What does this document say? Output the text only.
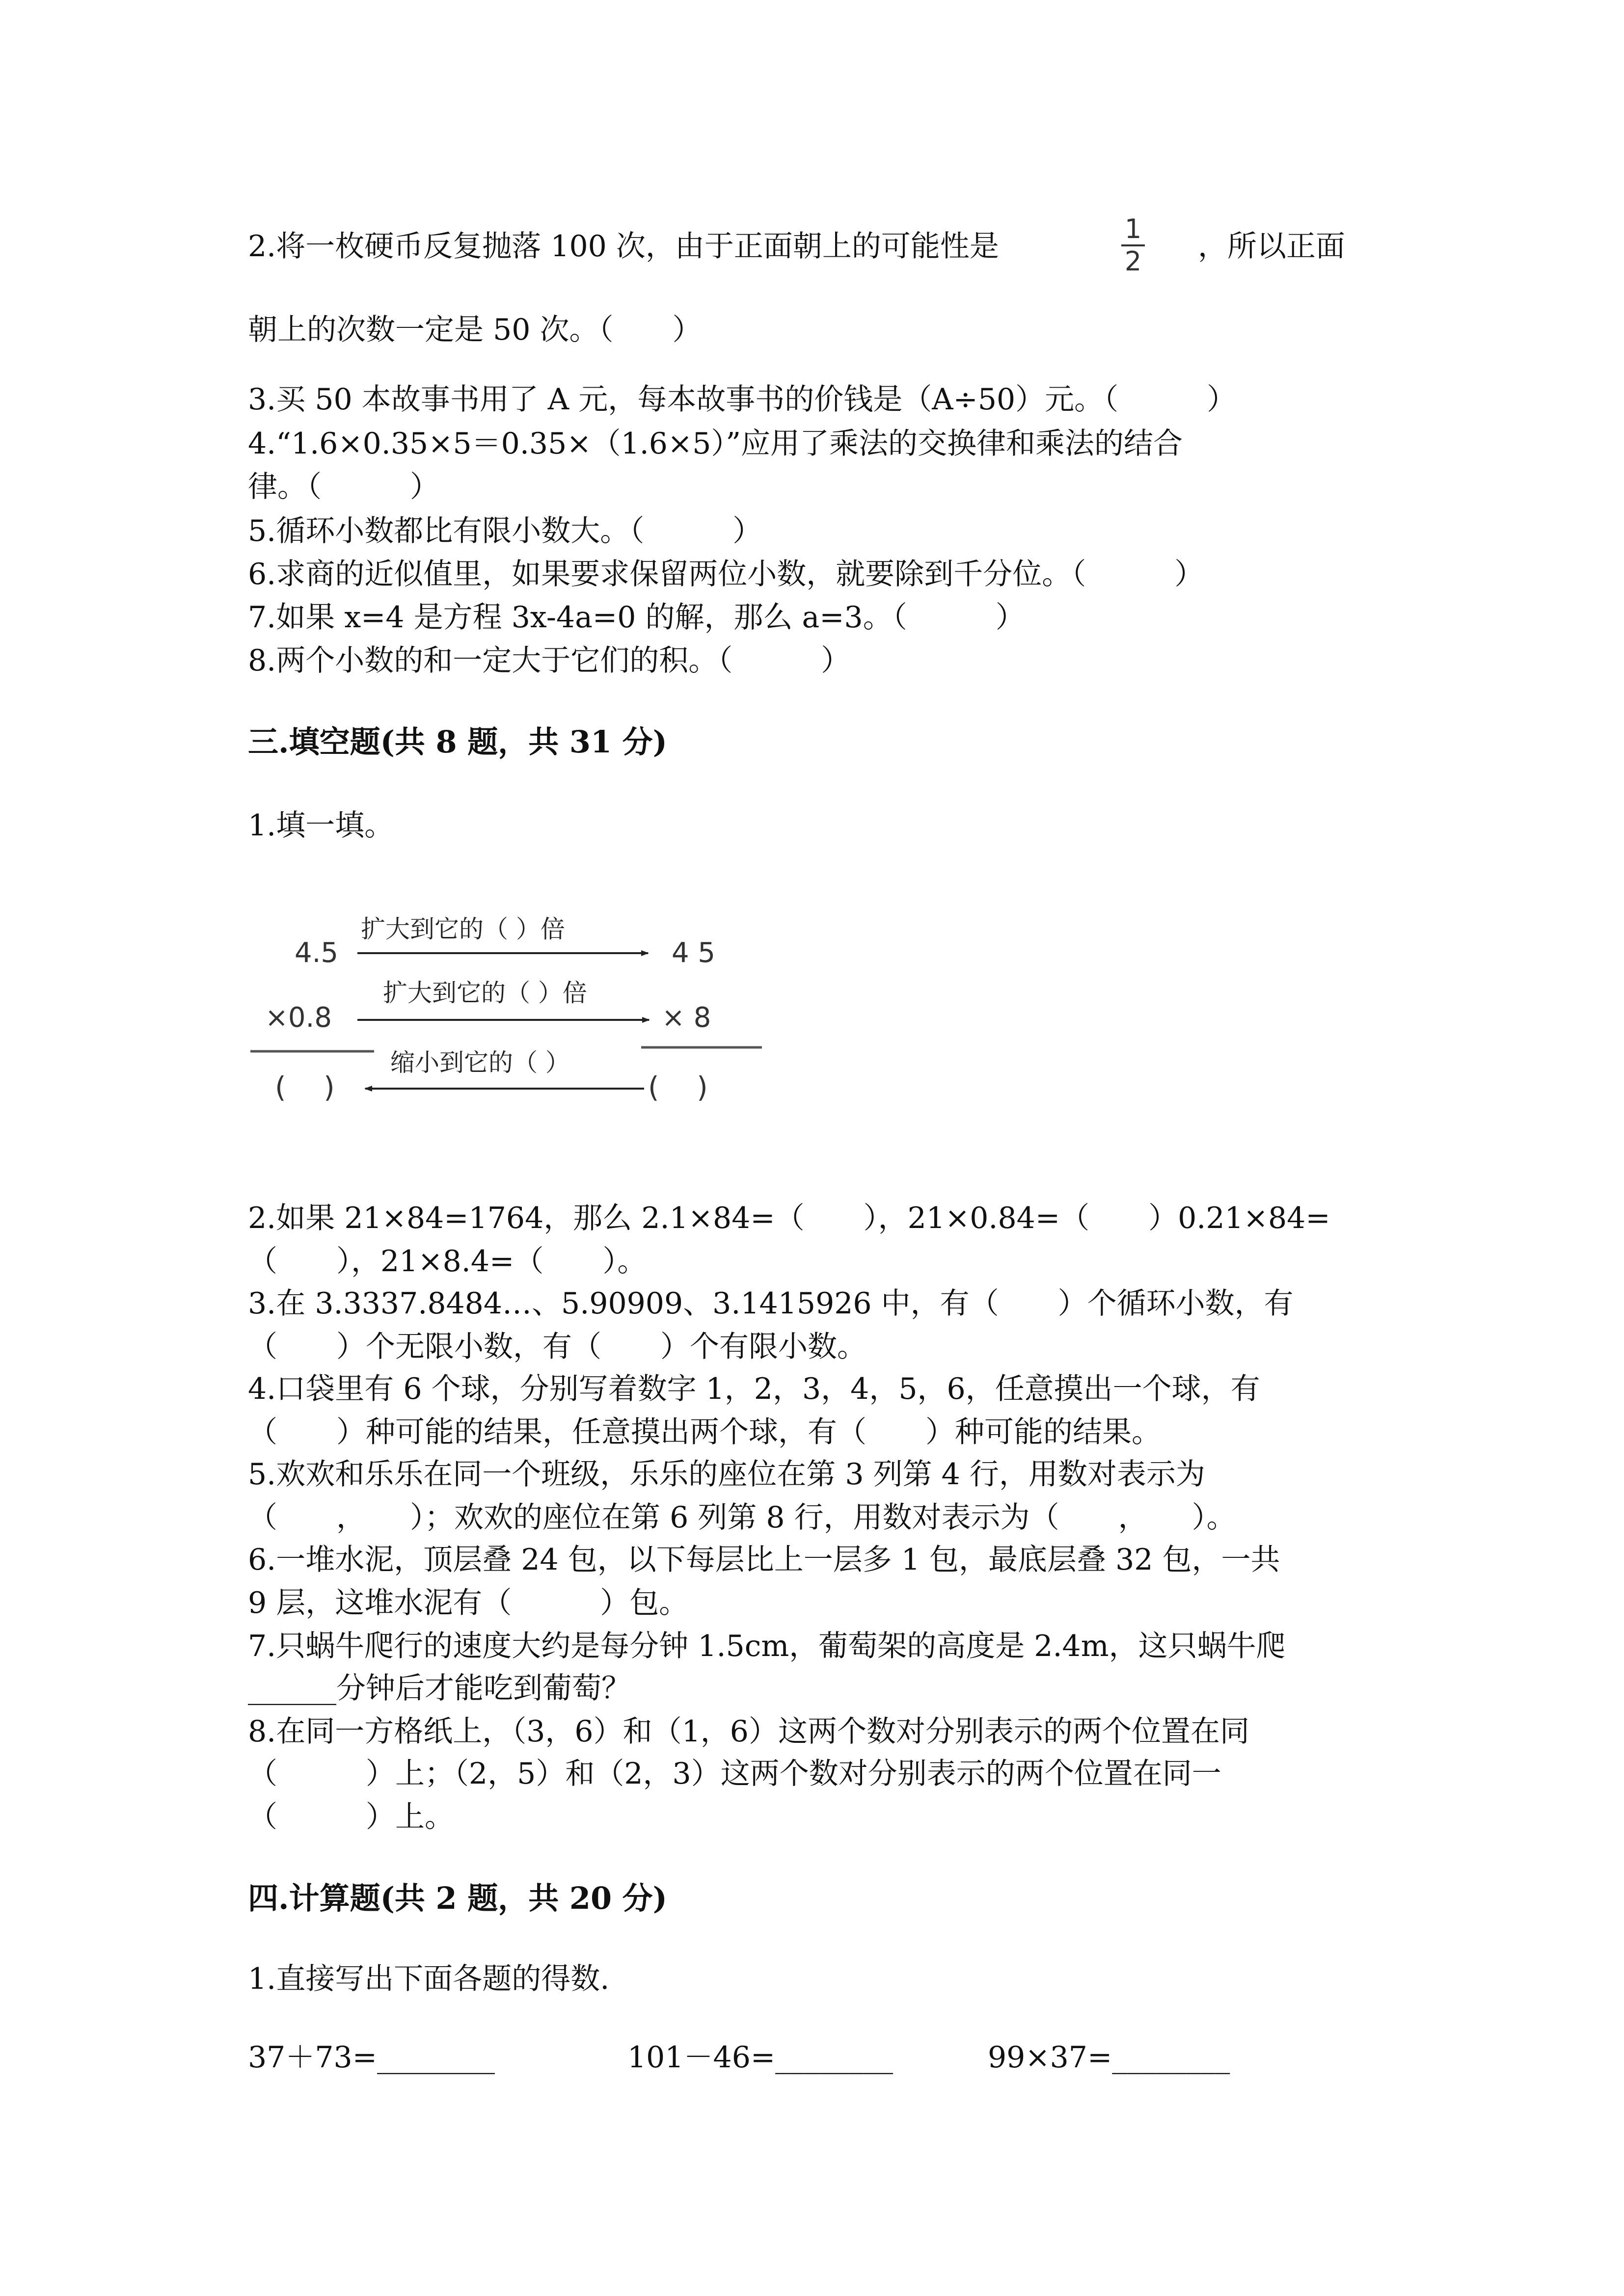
2.将一枚硬币反复抛落 100 次，由于正面朝上的可能性是
1
2 ，所以正面
朝上的次数一定是 50 次。（　　）
3.买 50 本故事书用了 A 元，每本故事书的价钱是（A÷50）元。（　　　）
4.“1.6×0.35×5＝0.35×（1.6×5）”应用了乘法的交换律和乘法的结合
律。（　　　）
5.循环小数都比有限小数大。（　　　）
6.求商的近似值里，如果要求保留两位小数，就要除到千分位。（　　　）
7.如果 x=4 是方程 3x-4a=0 的解，那么 a=3。（　　　）
8.两个小数的和一定大于它们的积。（　　　）
三.填空题(共 8 题，共 31 分)
1.填一填。
4.5	4 5
扩大到它的（ ）倍
×0.8	× 8
扩大到它的（ ）倍
缩小到它的（ ）
(　 )	(　 )
2.如果 21×84=1764，那么 2.1×84=（　　），21×0.84=（　　）0.21×84=
（　　），21×8.4=（　　）。
3.在 3.3337.8484…、5.90909、3.1415926 中，有（　　）个循环小数，有
（　　）个无限小数，有（　　）个有限小数。
4.口袋里有 6 个球，分别写着数字 1，2，3，4，5，6，任意摸出一个球，有
（　　）种可能的结果，任意摸出两个球，有（　　）种可能的结果。
5.欢欢和乐乐在同一个班级，乐乐的座位在第 3 列第 4 行，用数对表示为
（　　，　　）；欢欢的座位在第 6 列第 8 行，用数对表示为（　　，　　）。
6.一堆水泥，顶层叠 24 包，以下每层比上一层多 1 包，最底层叠 32 包，一共
9 层，这堆水泥有（　　　）包。
7.只蜗牛爬行的速度大约是每分钟 1.5cm，葡萄架的高度是 2.4m，这只蜗牛爬
______分钟后才能吃到葡萄？
8.在同一方格纸上，（3，6）和（1，6）这两个数对分别表示的两个位置在同
（　　　）上；（2，5）和（2，3）这两个数对分别表示的两个位置在同一
（　　　）上。
四.计算题(共 2 题，共 20 分)
1.直接写出下面各题的得数.
37＋73=________	101－46=________	99×37=________
